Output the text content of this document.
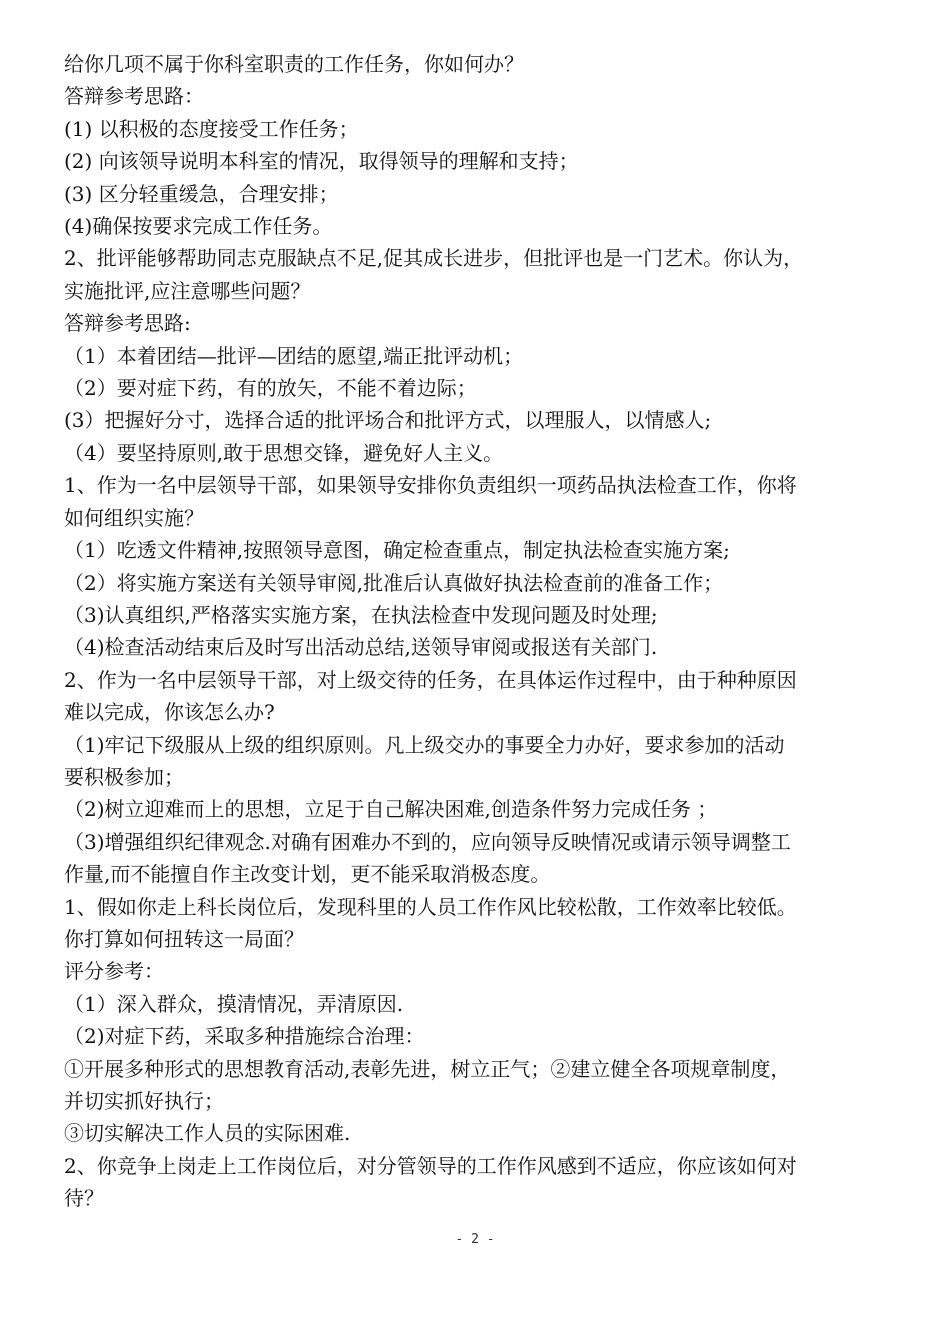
给你几项不属于你科室职责的工作任务，你如何办？

答辩参考思路：

(1) 以积极的态度接受工作任务；

(2) 向该领导说明本科室的情况，取得领导的理解和支持；

(3) 区分轻重缓急，合理安排；

(4)确保按要求完成工作任务。

2、批评能够帮助同志克服缺点不足,促其成长进步，但批评也是一门艺术。你认为，

实施批评,应注意哪些问题？

答辩参考思路:

（1）本着团结—批评—团结的愿望,端正批评动机；

（2）要对症下药，有的放矢，不能不着边际；

(3）把握好分寸，选择合适的批评场合和批评方式，以理服人，以情感人;

（4）要坚持原则,敢于思想交锋，避免好人主义。

1、作为一名中层领导干部，如果领导安排你负责组织一项药品执法检查工作，你将

如何组织实施？

（1）吃透文件精神,按照领导意图，确定检查重点，制定执法检查实施方案;

（2）将实施方案送有关领导审阅,批准后认真做好执法检查前的准备工作；

（3)认真组织,严格落实实施方案，在执法检查中发现问题及时处理;

（4)检查活动结束后及时写出活动总结,送领导审阅或报送有关部门.

2、作为一名中层领导干部，对上级交待的任务，在具体运作过程中，由于种种原因

难以完成，你该怎么办?

（1)牢记下级服从上级的组织原则。凡上级交办的事要全力办好，要求参加的活动

要积极参加；

（2)树立迎难而上的思想，立足于自己解决困难,创造条件努力完成任务 ；

（3)增强组织纪律观念.对确有困难办不到的，应向领导反映情况或请示领导调整工

作量,而不能擅自作主改变计划，更不能采取消极态度。

1、假如你走上科长岗位后，发现科里的人员工作作风比较松散，工作效率比较低。

你打算如何扭转这一局面？

评分参考：

（1）深入群众，摸清情况，弄清原因.

（2)对症下药，采取多种措施综合治理：

①开展多种形式的思想教育活动,表彰先进，树立正气；②建立健全各项规章制度，

并切实抓好执行；

③切实解决工作人员的实际困难.

2、你竞争上岗走上工作岗位后，对分管领导的工作作风感到不适应，你应该如何对

待？

- 2 -
